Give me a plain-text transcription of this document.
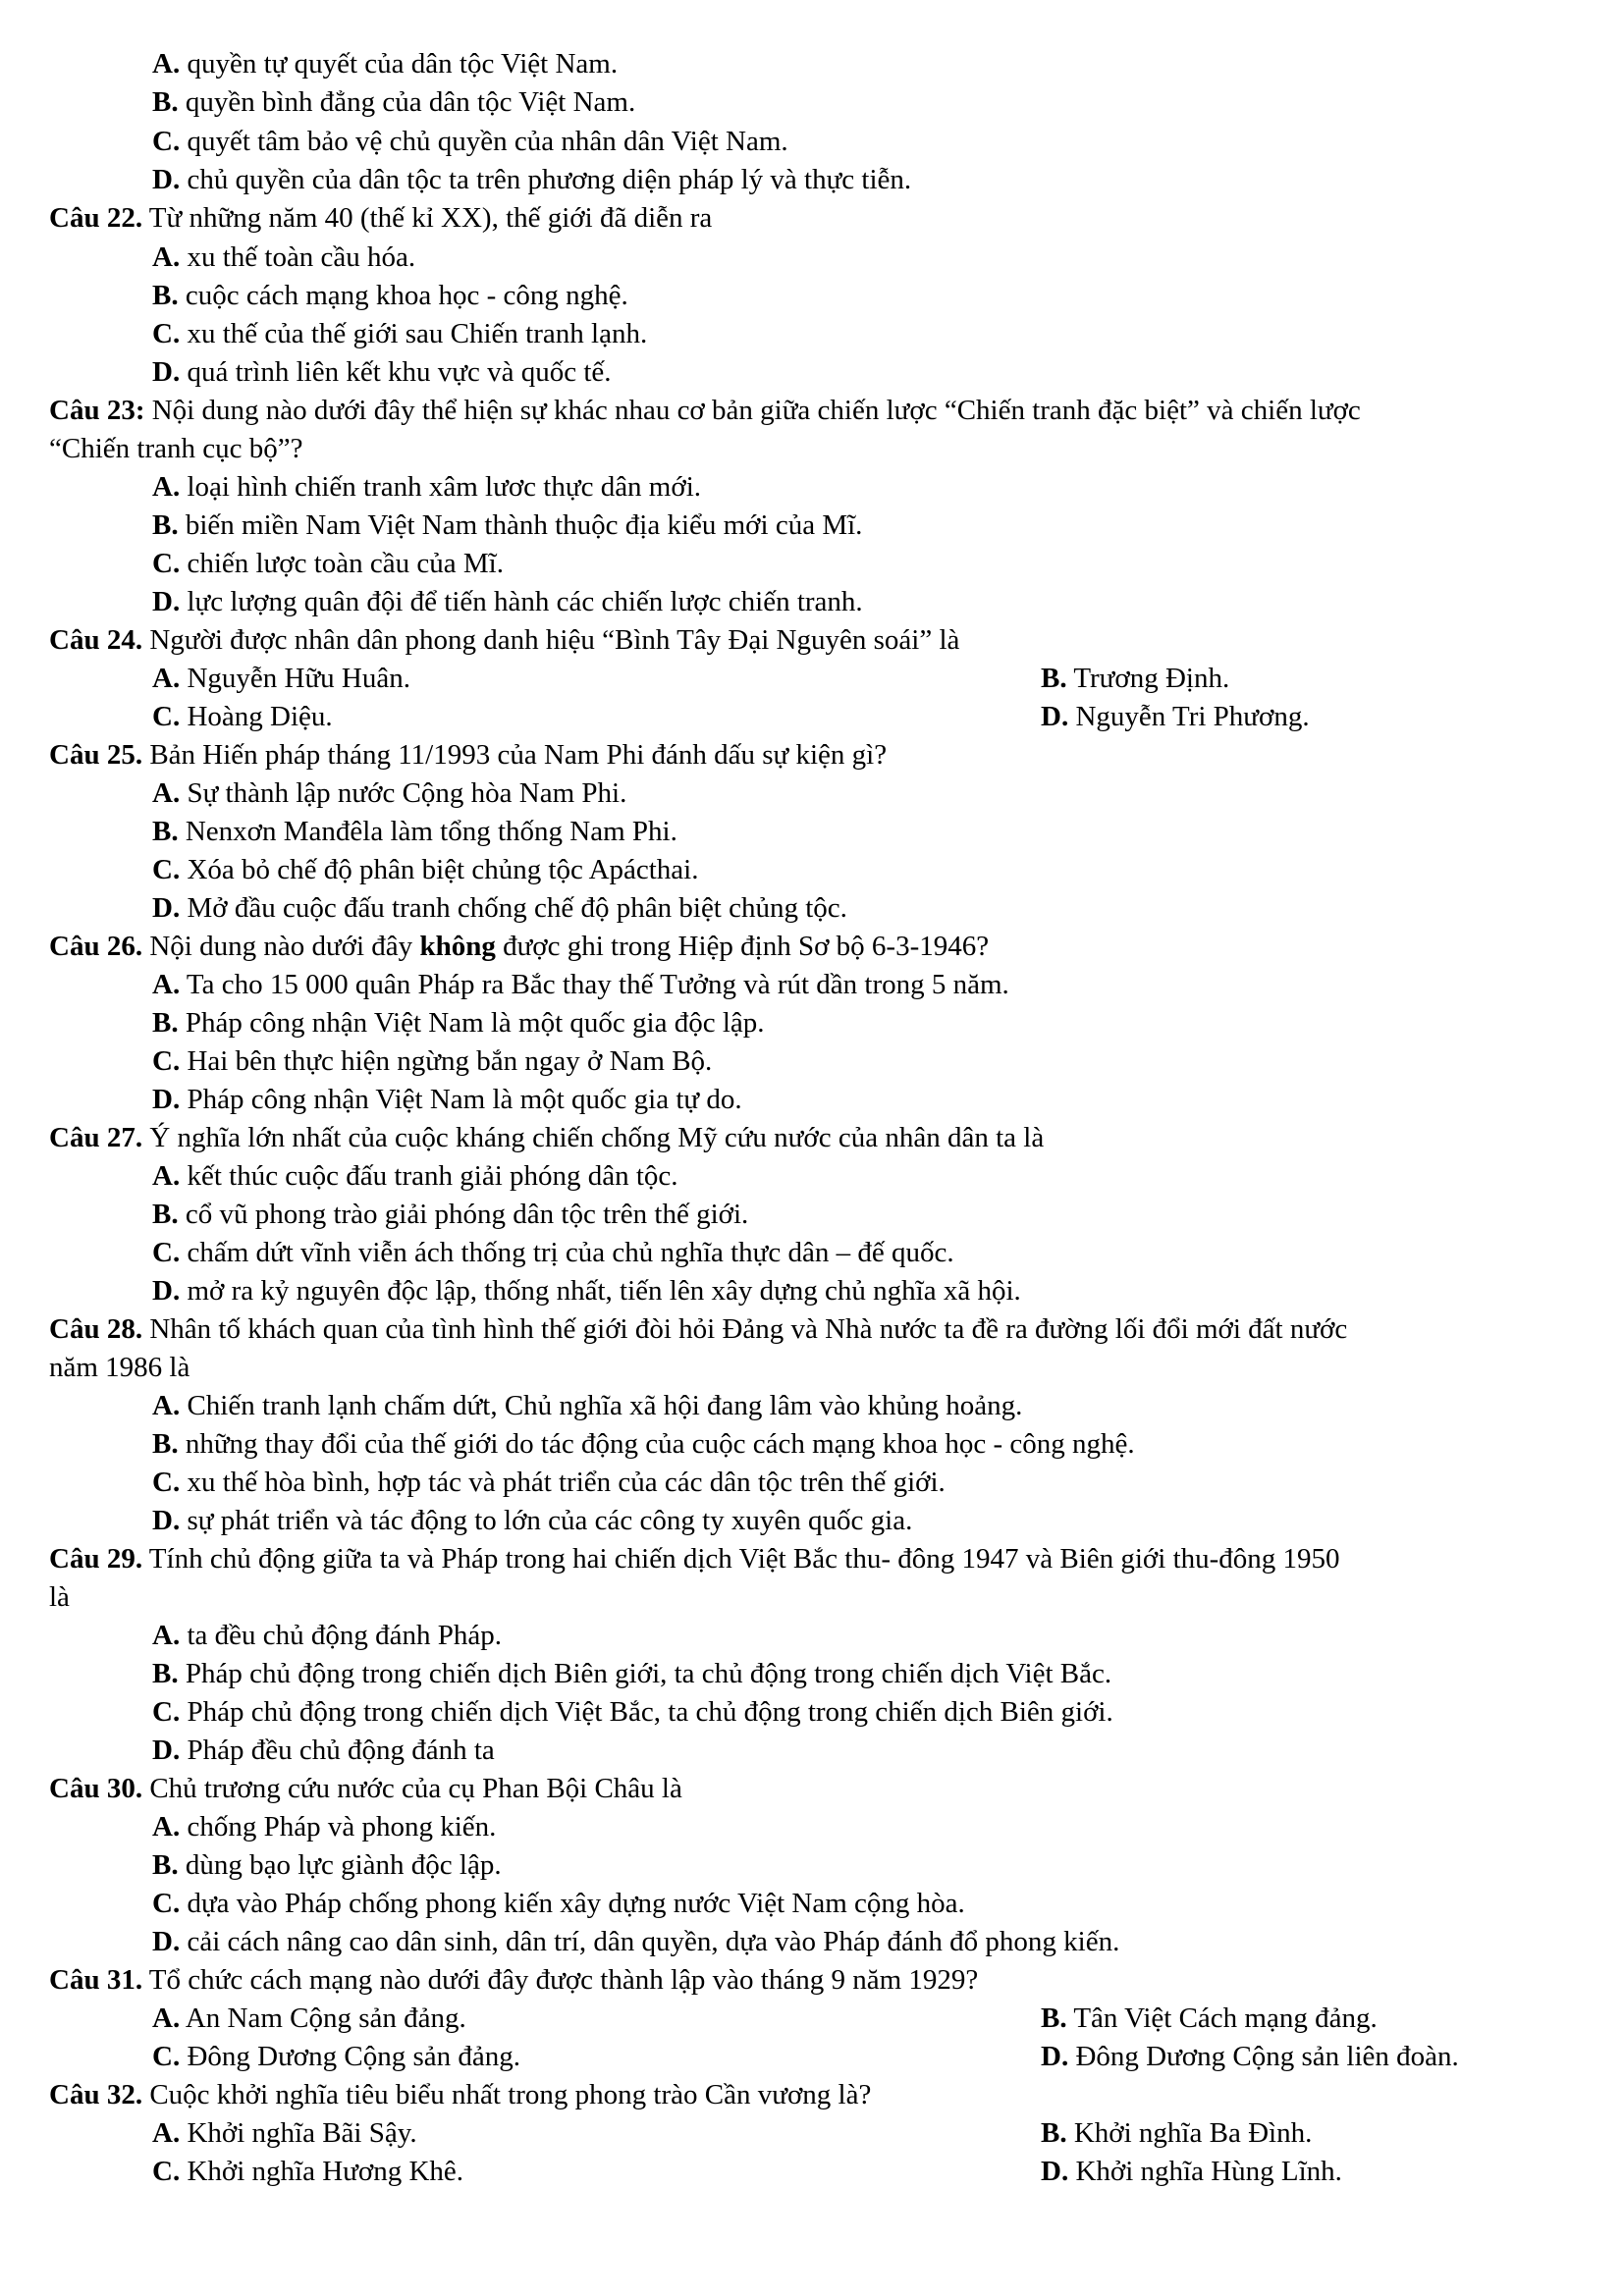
A. quyền tự quyết của dân tộc Việt Nam.
B. quyền bình đẳng của dân tộc Việt Nam.
C. quyết tâm bảo vệ chủ quyền của nhân dân Việt Nam.
D. chủ quyền của dân tộc ta trên phương diện pháp lý và thực tiễn.
Câu 22. Từ những năm 40 (thế kỉ XX), thế giới đã diễn ra
A. xu thế toàn cầu hóa.
B. cuộc cách mạng khoa học - công nghệ.
C. xu thế của thế giới sau Chiến tranh lạnh.
D. quá trình liên kết khu vực và quốc tế.
Câu 23: Nội dung nào dưới đây thể hiện sự khác nhau cơ bản giữa chiến lược “Chiến tranh đặc biệt” và chiến lược
“Chiến tranh cục bộ”?
A. loại hình chiến tranh xâm lươc thực dân mới.
B. biến miền Nam Việt Nam thành thuộc địa kiểu mới của Mĩ.
C. chiến lược toàn cầu của Mĩ.
D. lực lượng quân đội để tiến hành các chiến lược chiến tranh.
Câu 24. Người được nhân dân phong danh hiệu “Bình Tây Đại Nguyên soái” là
A. Nguyễn Hữu Huân.	B. Trương Định.
C. Hoàng Diệu.	D. Nguyễn Tri Phương.
Câu 25. Bản Hiến pháp tháng 11/1993 của Nam Phi đánh dấu sự kiện gì?
A. Sự thành lập nước Cộng hòa Nam Phi.
B. Nenxơn Manđêla làm tổng thống Nam Phi.
C. Xóa bỏ chế độ phân biệt chủng tộc Apácthai.
D. Mở đầu cuộc đấu tranh chống chế độ phân biệt chủng tộc.
Câu 26. Nội dung nào dưới đây không được ghi trong Hiệp định Sơ bộ 6-3-1946?
A. Ta cho 15 000 quân Pháp ra Bắc thay thế Tưởng và rút dần trong 5 năm.
B. Pháp công nhận Việt Nam là một quốc gia độc lập.
C. Hai bên thực hiện ngừng bắn ngay ở Nam Bộ.
D. Pháp công nhận Việt Nam là một quốc gia tự do.
Câu 27. Ý nghĩa lớn nhất của cuộc kháng chiến chống Mỹ cứu nước của nhân dân ta là
A. kết thúc cuộc đấu tranh giải phóng dân tộc.
B. cổ vũ phong trào giải phóng dân tộc trên thế giới.
C. chấm dứt vĩnh viễn ách thống trị của chủ nghĩa thực dân – đế quốc.
D. mở ra kỷ nguyên độc lập, thống nhất, tiến lên xây dựng chủ nghĩa xã hội.
Câu 28. Nhân tố khách quan của tình hình thế giới đòi hỏi Đảng và Nhà nước ta đề ra đường lối đổi mới đất nước
năm 1986 là
A. Chiến tranh lạnh chấm dứt, Chủ nghĩa xã hội đang lâm vào khủng hoảng.
B. những thay đổi của thế giới do tác động của cuộc cách mạng khoa học - công nghệ.
C. xu thế hòa bình, hợp tác và phát triển của các dân tộc trên thế giới.
D. sự phát triển và tác động to lớn của các công ty xuyên quốc gia.
Câu 29. Tính chủ động giữa ta và Pháp trong hai chiến dịch Việt Bắc thu- đông 1947 và Biên giới thu-đông 1950
là
A. ta đều chủ động đánh Pháp.
B. Pháp chủ động trong chiến dịch Biên giới, ta chủ động trong chiến dịch Việt Bắc.
C. Pháp chủ động trong chiến dịch Việt Bắc, ta chủ động trong chiến dịch Biên giới.
D. Pháp đều chủ động đánh ta
Câu 30. Chủ trương cứu nước của cụ Phan Bội Châu là
A. chống Pháp và phong kiến.
B. dùng bạo lực giành độc lập.
C. dựa vào Pháp chống phong kiến xây dựng nước Việt Nam cộng hòa.
D. cải cách nâng cao dân sinh, dân trí, dân quyền, dựa vào Pháp đánh đổ phong kiến.
Câu 31. Tổ chức cách mạng nào dưới đây được thành lập vào tháng 9 năm 1929?
A. An Nam Cộng sản đảng.	B. Tân Việt Cách mạng đảng.
C. Đông Dương Cộng sản đảng.	D. Đông Dương Cộng sản liên đoàn.
Câu 32. Cuộc khởi nghĩa tiêu biểu nhất trong phong trào Cần vương là?
A. Khởi nghĩa Bãi Sậy.	B. Khởi nghĩa Ba Đình.
C. Khởi nghĩa Hương Khê.	D. Khởi nghĩa Hùng Lĩnh.
